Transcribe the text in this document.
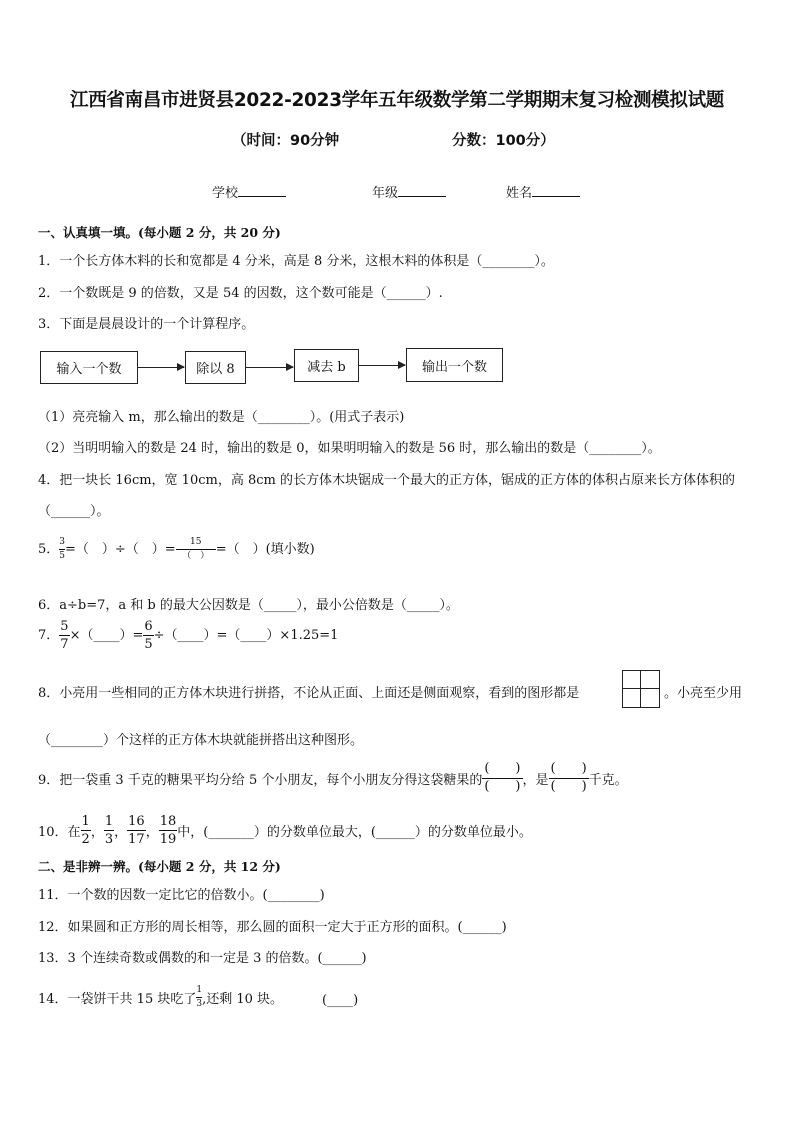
江西省南昌市进贤县2022-2023学年五年级数学第二学期期末复习检测模拟试题
（时间：90分钟	分数：100分）
学校	年级	姓名
一、认真填一填。(每小题 2 分，共 20 分)
1．一个长方体木料的长和宽都是 4 分米，高是 8 分米，这根木料的体积是（________）。
2．一个数既是 9 的倍数，又是 54 的因数，这个数可能是（______）.
3．下面是晨晨设计的一个计算程序。
输入一个数	除以 8	减去 b	输出一个数
（1）亮亮输入 m，那么输出的数是（________）。(用式子表示)
（2）当明明输入的数是 24 时，输出的数是 0，如果明明输入的数是 56 时，那么输出的数是（________）。
4．把一块长 16cm，宽 10cm，高 8cm 的长方体木块锯成一个最大的正方体，锯成的正方体的体积占原来长方体体积的
（______）。
5． $\frac{3}{5}$ =（　）÷（　）= $\frac{15}{( )}$ =（　）(填小数)
6．a÷b=7，a 和 b 的最大公因数是（_____），最小公倍数是（_____）。
7． $\frac{5}{7}$ ×（____）= $\frac{6}{5}$ ÷（____）=（____）×1.25=1
8．小亮用一些相同的正方体木块进行拼搭，不论从正面、上面还是侧面观察，看到的图形都是	。小亮至少用
（________）个这样的正方体木块就能拼搭出这种图形。
9．把一袋重 3 千克的糖果平均分给 5 个小朋友，每个小朋友分得这袋糖果的
(　　)
(　　) ，是
(　　)
(　　) 千克。
10．在 $\frac{1}{2}$ ， $\frac{1}{3}$ ， $\frac{16}{17}$ ， $\frac{18}{19}$ 中，(_______）的分数单位最大，(______）的分数单位最小。
二、是非辨一辨。(每小题 2 分，共 12 分)
11．一个数的因数一定比它的倍数小。(________)
12．如果圆和正方形的周长相等，那么圆的面积一定大于正方形的面积。(______)
13．3 个连续奇数或偶数的和一定是 3 的倍数。(______)
14．一袋饼干共 15 块吃了 $\frac{1}{3}$ ,还剩 10 块。	(____)
